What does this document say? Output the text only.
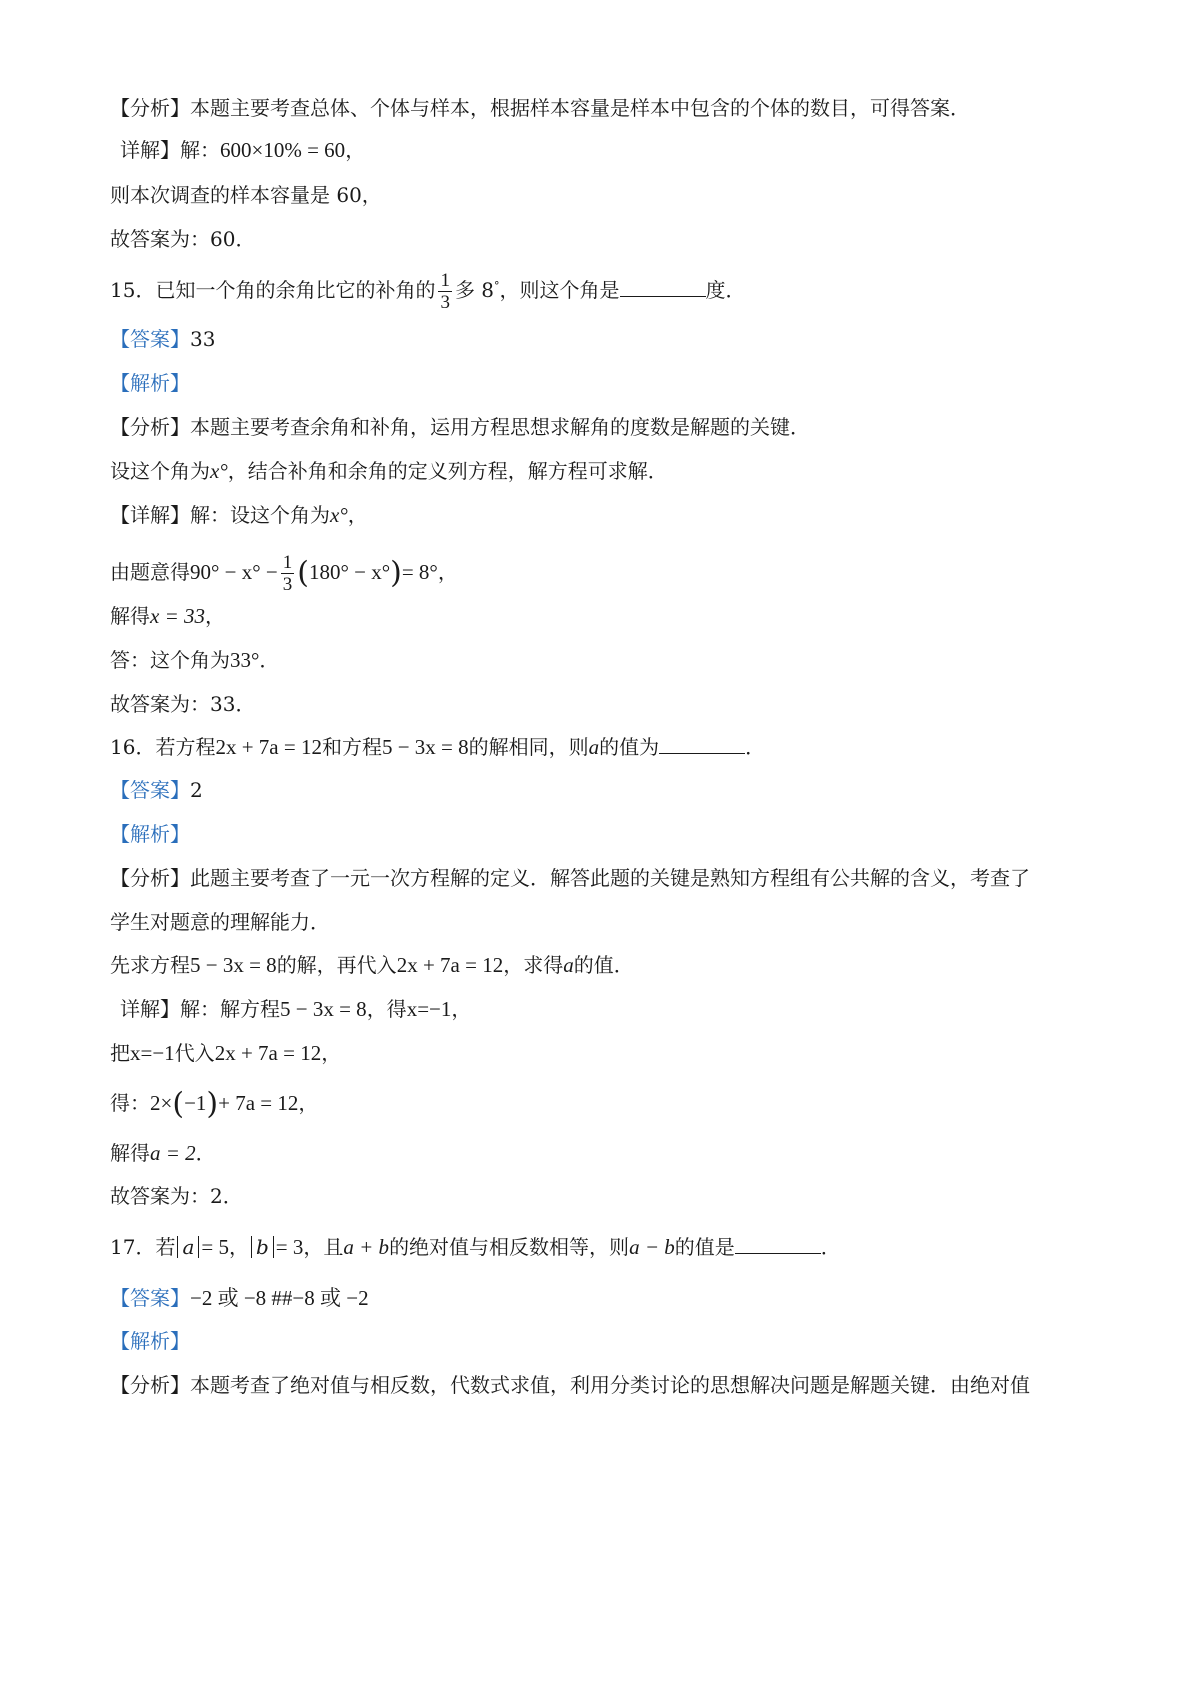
【分析】本题主要考查总体、个体与样本，根据样本容量是样本中包含的个体的数目，可得答案．
详解】解：600×10% = 60，
则本次调查的样本容量是 60，
故答案为：60．
15．已知一个角的余角比它的补角的 $\frac{1}{3}$ 多 8°，则这个角是	度．
【答案】33
【解析】
【分析】本题主要考查余角和补角，运用方程思想求解角的度数是解题的关键．
设这个角为x°，结合补角和余角的定义列方程，解方程可求解．
【详解】解：设这个角为x°，
由题意得$90^\circ - x^\circ - \frac{1}{3} (180^\circ - x^\circ)= 8^\circ$，
解得x = 33，
答：这个角为33°．
故答案为：33．
16．若方程2x + 7a = 12和方程5 − 3x = 8的解相同，则a的值为	．
【答案】2
【解析】
【分析】此题主要考查了一元一次方程解的定义．解答此题的关键是熟知方程组有公共解的含义，考查了
学生对题意的理解能力．
先求方程5 − 3x = 8的解，再代入2x + 7a = 12，求得a的值．
详解】解：解方程5 − 3x = 8，得x=−1，
把x=−1代入2x + 7a = 12，
得：2×(−1)+ 7a = 12，
解得a = 2．
故答案为：2．
17．若 a = 5， b = 3，且a + b的绝对值与相反数相等，则a − b的值是	．
【答案】−2 或 −8 ##−8 或 −2
【解析】
【分析】本题考查了绝对值与相反数，代数式求值，利用分类讨论的思想解决问题是解题关键．由绝对值
